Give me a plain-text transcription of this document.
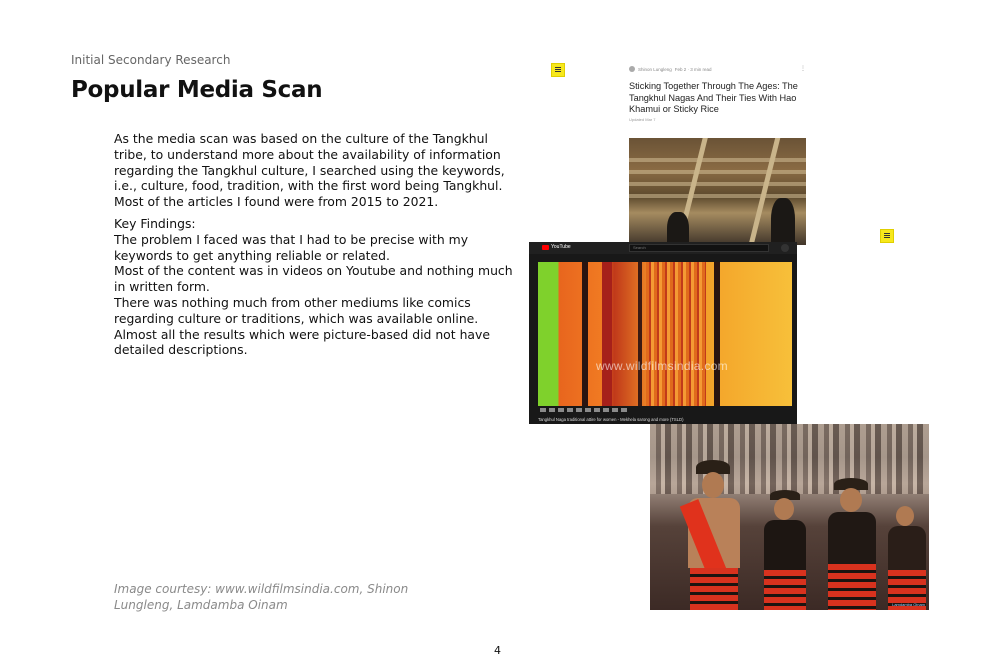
Initial Secondary Research
Popular Media Scan

As the media scan was based on the culture of the Tangkhul tribe, to understand more about the availability of information regarding the Tangkhul culture, I searched using the keywords, i.e., culture, food, tradition, with the first word being Tangkhul. Most of the articles I found were from 2015 to 2021.

Key Findings:

The problem I faced was that I had to be precise with my keywords to get anything reliable or related.

Most of the content was in videos on Youtube and nothing much in written form.

There was nothing much from other mediums like comics regarding culture or traditions, which was available online.

Almost all the results which were picture-based did not have detailed descriptions.

Image courtesy: www.wildfilmsindia.com, Shinon Lungleng, Lamdamba Oinam
4
Shinon Lungleng Feb 2 · 3 min read	⋮
Sticking Together Through The Ages: The Tangkhul Nagas And Their Ties With Hao Khamui or Sticky Rice
Updated Mar 7
YouTube	Search
www.wildfilmsindia.com
Tangkhul Naga traditional attire for women - Mekhela sarong and more (TSLD)
Lamdamba Oinam
